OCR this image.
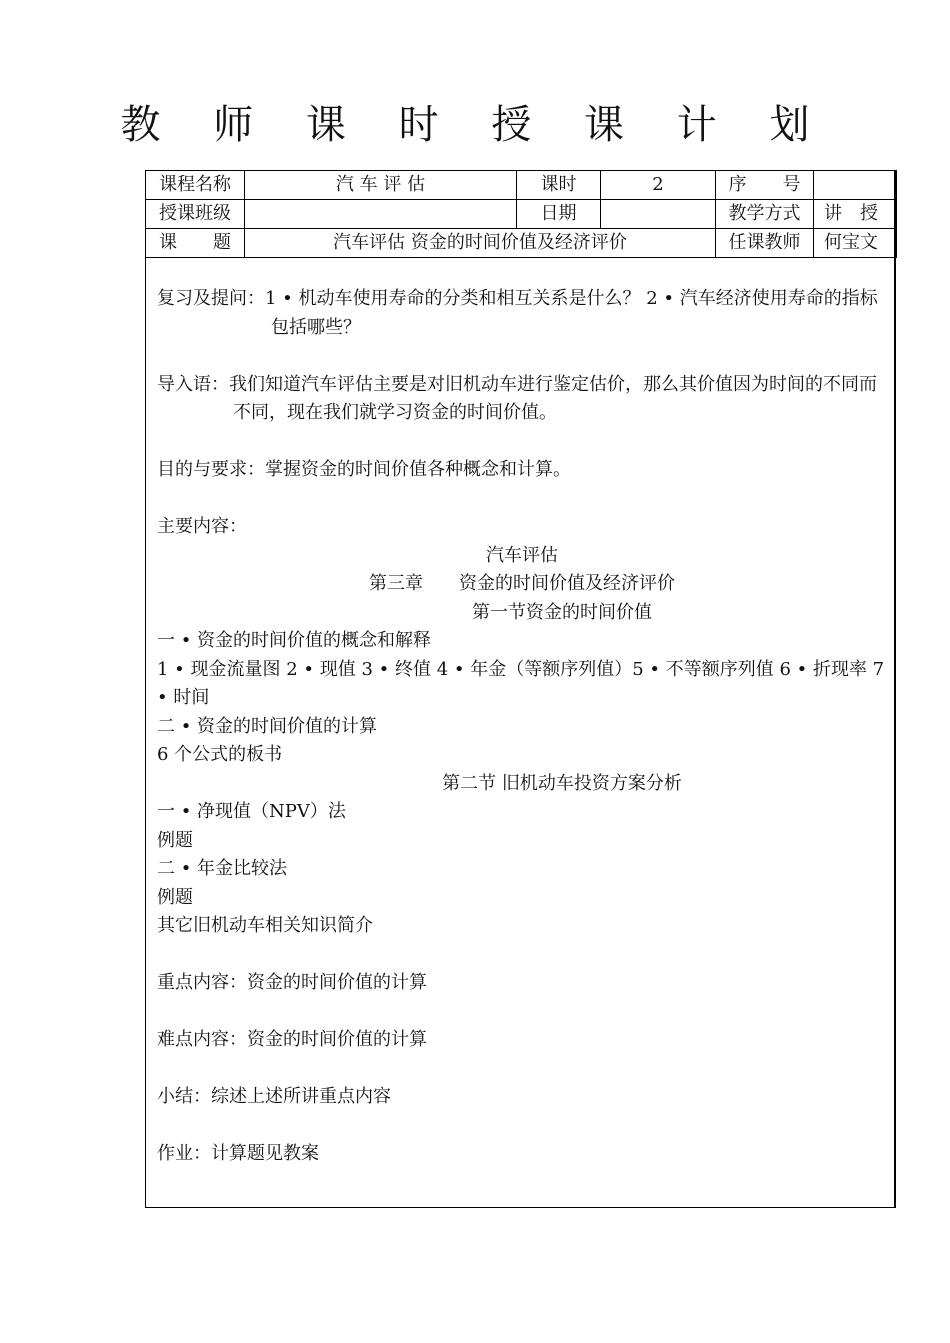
教 师 课 时 授 课 计 划
课程名称	汽 车 评 估	课时	2	序　　号	
授课班级		日期		教学方式	讲　授
课　　题	汽车评估 资金的时间价值及经济评价			任课教师	何宝文

复习及提问：1 • 机动车使用寿命的分类和相互关系是什么？ 2 • 汽车经济使用寿命的指标包括哪些？

导入语：我们知道汽车评估主要是对旧机动车进行鉴定估价，那么其价值因为时间的不同而不同，现在我们就学习资金的时间价值。

目的与要求：掌握资金的时间价值各种概念和计算。

主要内容：

汽车评估

第三章　　资金的时间价值及经济评价

第一节资金的时间价值

一 • 资金的时间价值的概念和解释

1 • 现金流量图 2 • 现值 3 • 终值 4 • 年金（等额序列值）5 • 不等额序列值 6 • 折现率 7 • 时间

二 • 资金的时间价值的计算

6 个公式的板书

第二节 旧机动车投资方案分析

一 • 净现值（NPV）法

例题

二 • 年金比较法

例题

其它旧机动车相关知识简介

重点内容：资金的时间价值的计算

难点内容：资金的时间价值的计算

小结：综述上述所讲重点内容

作业：计算题见教案
